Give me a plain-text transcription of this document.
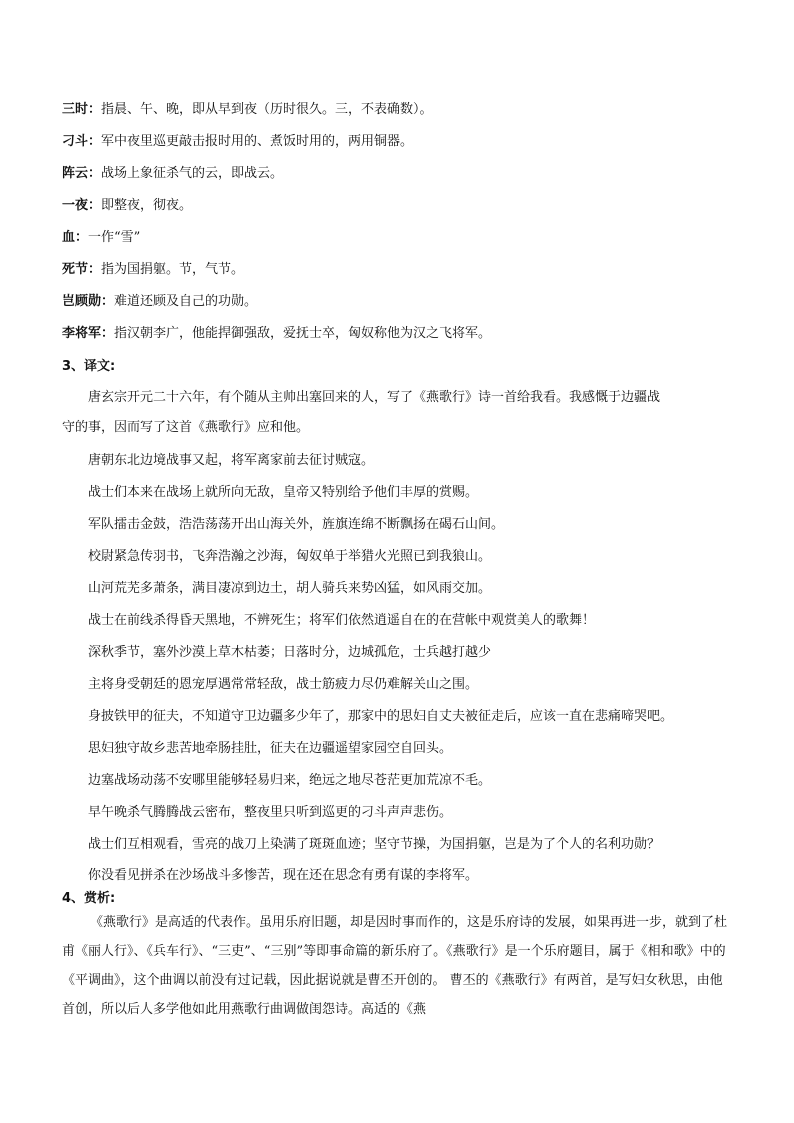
三时：指晨、午、晚，即从早到夜（历时很久。三，不表确数）。

刁斗：军中夜里巡更敲击报时用的、煮饭时用的，两用铜器。

阵云：战场上象征杀气的云，即战云。

一夜：即整夜，彻夜。

血：一作“雪”

死节：指为国捐躯。节，气节。

岂顾勋：难道还顾及自己的功勋。

李将军：指汉朝李广，他能捍御强敌，爱抚士卒，匈奴称他为汉之飞将军。

3、译文:

唐玄宗开元二十六年，有个随从主帅出塞回来的人，写了《燕歌行》诗一首给我看。我感慨于边疆战

守的事，因而写了这首《燕歌行》应和他。

唐朝东北边境战事又起，将军离家前去征讨贼寇。

战士们本来在战场上就所向无敌，皇帝又特别给予他们丰厚的赏赐。

军队擂击金鼓，浩浩荡荡开出山海关外，旌旗连绵不断飘扬在碣石山间。

校尉紧急传羽书，飞奔浩瀚之沙海，匈奴单于举猎火光照已到我狼山。

山河荒芜多萧条，满目凄凉到边土，胡人骑兵来势凶猛，如风雨交加。

战士在前线杀得昏天黑地，不辨死生；将军们依然逍遥自在的在营帐中观赏美人的歌舞！

深秋季节，塞外沙漠上草木枯萎；日落时分，边城孤危，士兵越打越少

主将身受朝廷的恩宠厚遇常常轻敌，战士筋疲力尽仍难解关山之围。

身披铁甲的征夫，不知道守卫边疆多少年了，那家中的思妇自丈夫被征走后，应该一直在悲痛啼哭吧。

思妇独守故乡悲苦地牵肠挂肚，征夫在边疆遥望家园空自回头。

边塞战场动荡不安哪里能够轻易归来，绝远之地尽苍茫更加荒凉不毛。

早午晚杀气腾腾战云密布，整夜里只听到巡更的刁斗声声悲伤。

战士们互相观看，雪亮的战刀上染满了斑斑血迹；坚守节操，为国捐躯，岂是为了个人的名利功勋？

你没看见拼杀在沙场战斗多惨苦，现在还在思念有勇有谋的李将军。

4、赏析:

《燕歌行》是高适的代表作。虽用乐府旧题，却是因时事而作的，这是乐府诗的发展，如果再进一步，就到了杜甫《丽人行》、《兵车行》、“三吏”、“三别”等即事命篇的新乐府了。《燕歌行》是一个乐府题目，属于《相和歌》中的《平调曲》，这个曲调以前没有过记载，因此据说就是曹丕开创的。 曹丕的《燕歌行》有两首，是写妇女秋思，由他首创，所以后人多学他如此用燕歌行曲调做闺怨诗。高适的《燕
